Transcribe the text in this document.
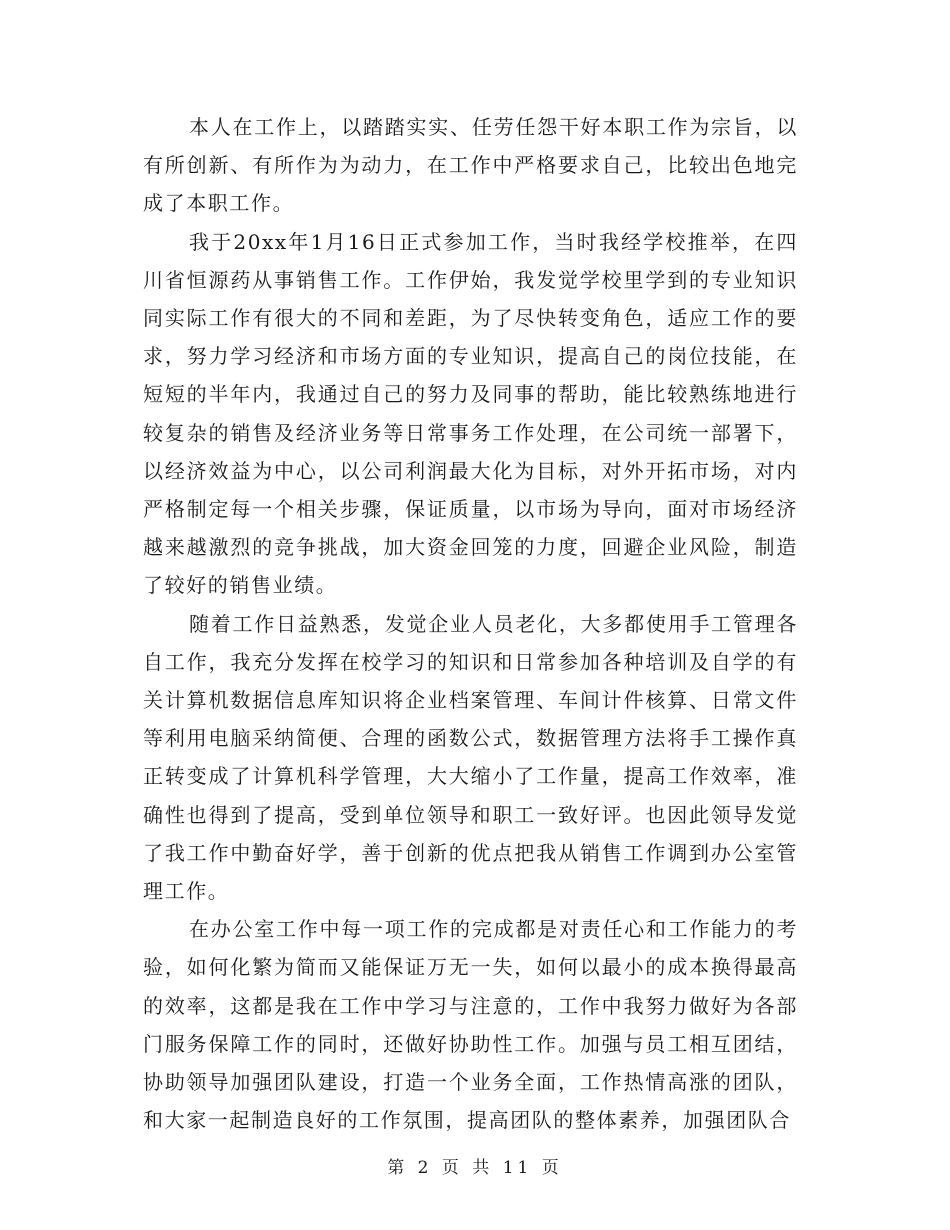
本人在工作上，以踏踏实实、任劳任怨干好本职工作为宗旨，以有所创新、有所作为为动力，在工作中严格要求自己，比较出色地完成了本职工作。

我于20xx年1月16日正式参加工作，当时我经学校推举，在四川省恒源药从事销售工作。工作伊始，我发觉学校里学到的专业知识同实际工作有很大的不同和差距，为了尽快转变角色，适应工作的要求，努力学习经济和市场方面的专业知识，提高自己的岗位技能，在短短的半年内，我通过自己的努力及同事的帮助，能比较熟练地进行较复杂的销售及经济业务等日常事务工作处理，在公司统一部署下，以经济效益为中心，以公司利润最大化为目标，对外开拓市场，对内严格制定每一个相关步骤，保证质量，以市场为导向，面对市场经济越来越激烈的竞争挑战，加大资金回笼的力度，回避企业风险，制造了较好的销售业绩。

随着工作日益熟悉，发觉企业人员老化，大多都使用手工管理各自工作，我充分发挥在校学习的知识和日常参加各种培训及自学的有关计算机数据信息库知识将企业档案管理、车间计件核算、日常文件等利用电脑采纳简便、合理的函数公式，数据管理方法将手工操作真正转变成了计算机科学管理，大大缩小了工作量，提高工作效率，准确性也得到了提高，受到单位领导和职工一致好评。也因此领导发觉了我工作中勤奋好学，善于创新的优点把我从销售工作调到办公室管理工作。

在办公室工作中每一项工作的完成都是对责任心和工作能力的考验，如何化繁为简而又能保证万无一失，如何以最小的成本换得最高的效率，这都是我在工作中学习与注意的，工作中我努力做好为各部门服务保障工作的同时，还做好协助性工作。加强与员工相互团结，协助领导加强团队建设，打造一个业务全面，工作热情高涨的团队，和大家一起制造良好的工作氛围，提高团队的整体素养，加强团队合

第 2 页 共 11 页
